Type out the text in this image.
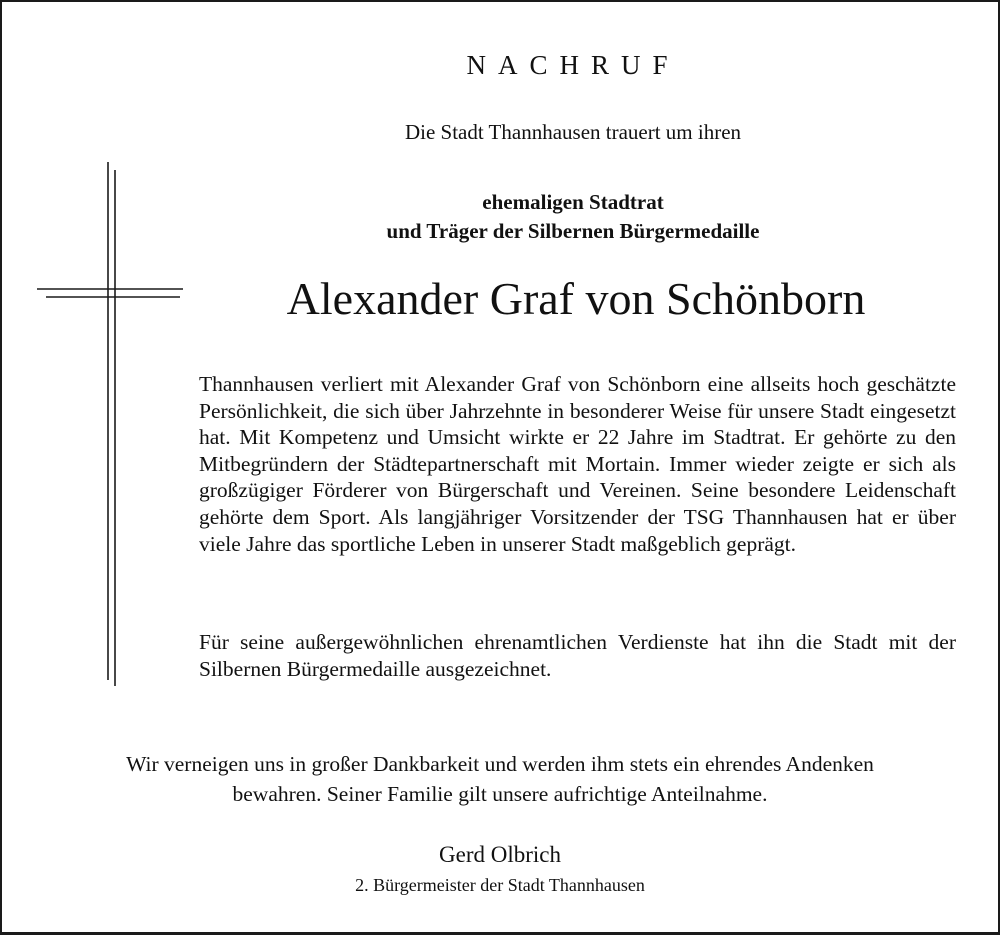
NACHRUF
Die Stadt Thannhausen trauert um ihren
ehemaligen Stadtrat
und Träger der Silbernen Bürgermedaille
Alexander Graf von Schönborn
Thannhausen verliert mit Alexander Graf von Schönborn eine allseits hoch geschätzte Persönlichkeit, die sich über Jahrzehnte in besonderer Weise für unsere Stadt eingesetzt hat. Mit Kompetenz und Umsicht wirkte er 22 Jahre im Stadtrat. Er gehörte zu den Mitbegründern der Städtepartnerschaft mit Mortain. Immer wieder zeigte er sich als großzügiger Förderer von Bürgerschaft und Vereinen. Seine besondere Leidenschaft gehörte dem Sport. Als langjähriger Vorsitzender der TSG Thannhausen hat er über viele Jahre das sportliche Leben in unserer Stadt maßgeblich geprägt.
Für seine außergewöhnlichen ehrenamtlichen Verdienste hat ihn die Stadt mit der Silbernen Bürgermedaille ausgezeichnet.
Wir verneigen uns in großer Dankbarkeit und werden ihm stets ein ehrendes Andenken
bewahren. Seiner Familie gilt unsere aufrichtige Anteilnahme.
Gerd Olbrich
2. Bürgermeister der Stadt Thannhausen
